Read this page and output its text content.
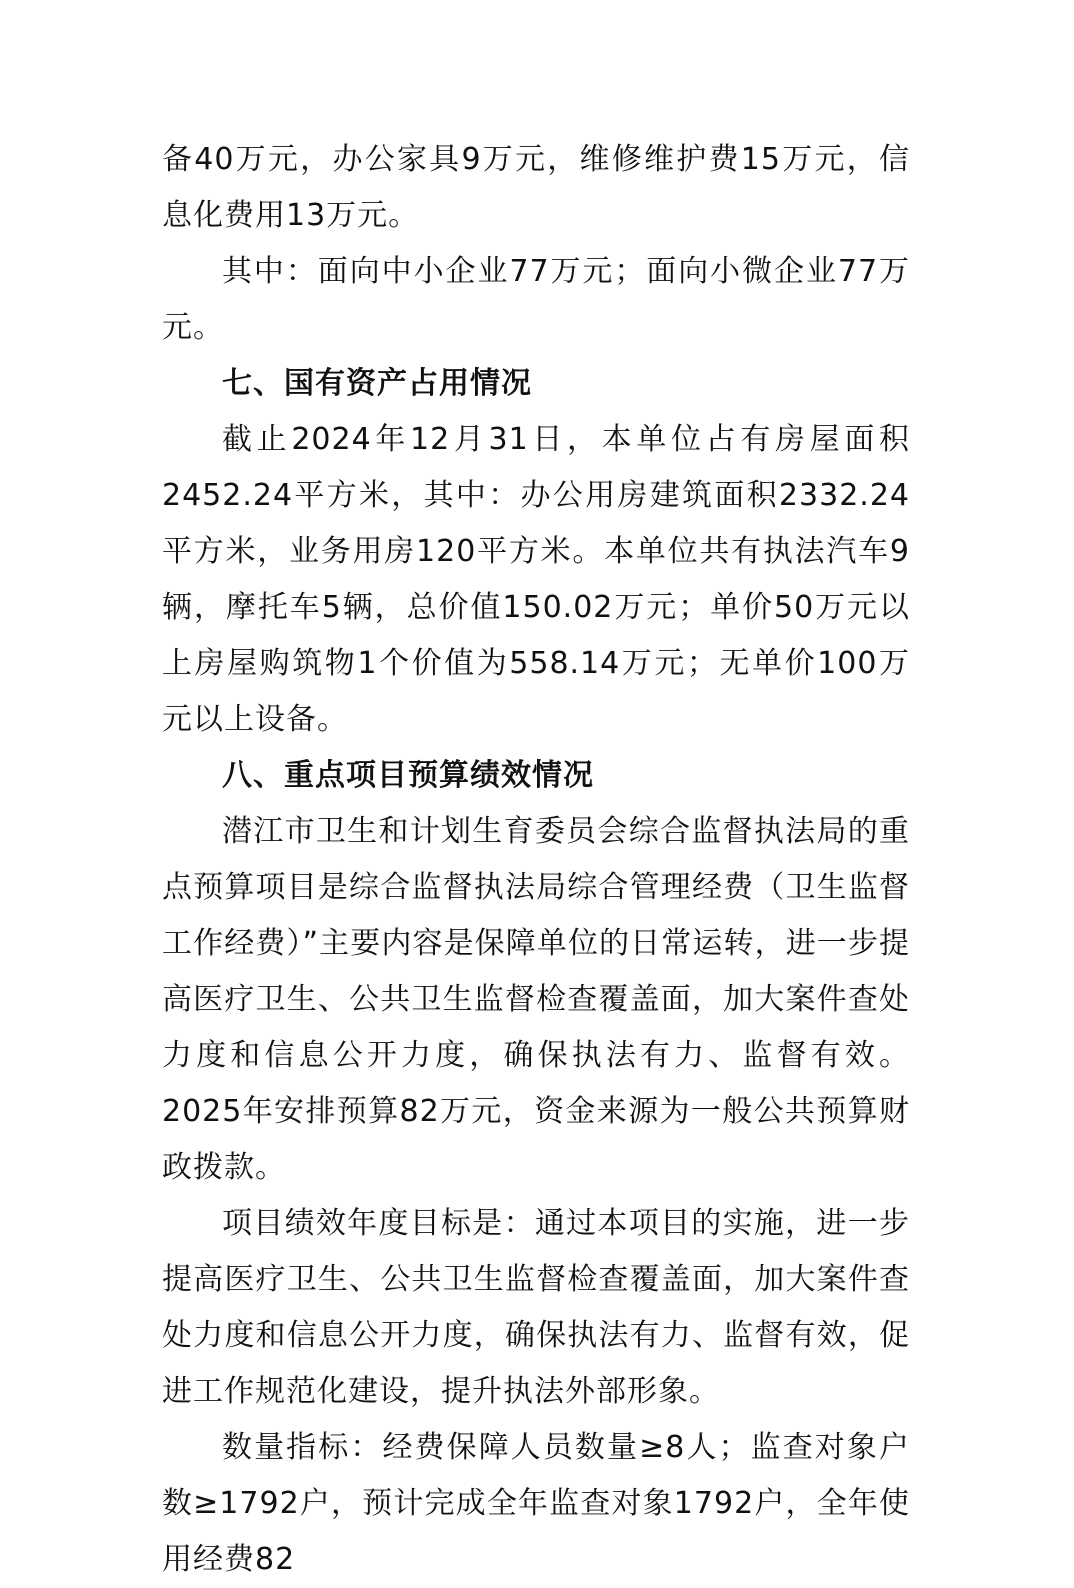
备40万元，办公家具9万元，维修维护费15万元，信息化费用13万元。

其中：面向中小企业77万元；面向小微企业77万元。

七、国有资产占用情况

截止2024年12月31日，本单位占有房屋面积 2452.24平方米，其中：办公用房建筑面积2332.24平方米，业务用房120平方米。本单位共有执法汽车9辆，摩托车5辆，总价值150.02万元；单价50万元以上房屋购筑物1个价值为558.14万元；无单价100万元以上设备。

八、重点项目预算绩效情况

潜江市卫生和计划生育委员会综合监督执法局的重点预算项目是综合监督执法局综合管理经费（卫生监督工作经费）”主要内容是保障单位的日常运转，进一步提高医疗卫生、公共卫生监督检查覆盖面，加大案件查处力度和信息公开力度，确保执法有力、监督有效。2025年安排预算82万元，资金来源为一般公共预算财政拨款。

项目绩效年度目标是：通过本项目的实施，进一步提高医疗卫生、公共卫生监督检查覆盖面，加大案件查处力度和信息公开力度，确保执法有力、监督有效，促进工作规范化建设，提升执法外部形象。

数量指标：经费保障人员数量≥8人；监查对象户数≥1792户，预计完成全年监查对象1792户，全年使用经费82
